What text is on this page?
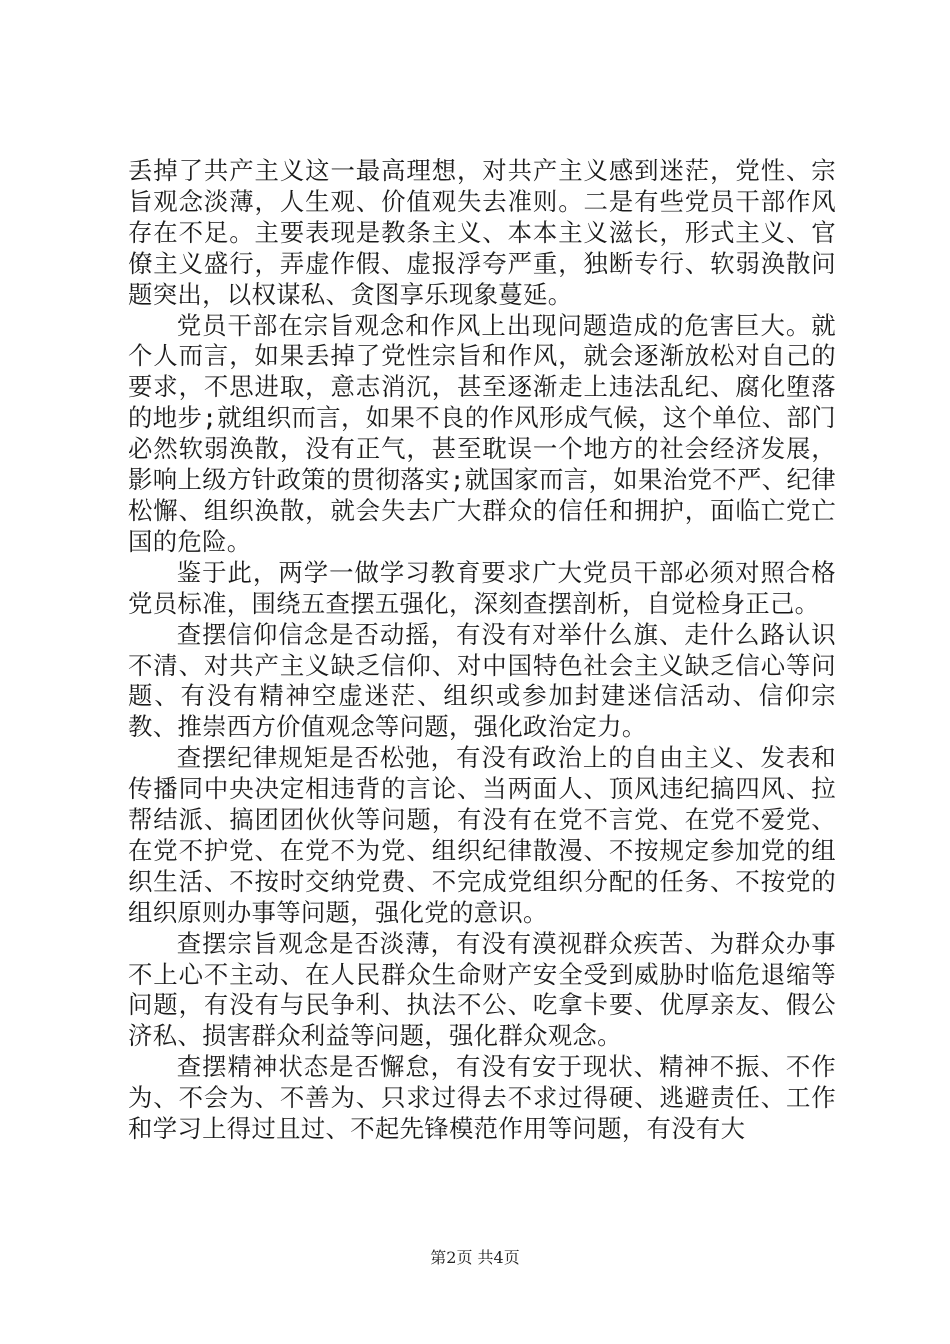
丢掉了共产主义这一最高理想，对共产主义感到迷茫，党性、宗旨观念淡薄，人生观、价值观失去准则。二是有些党员干部作风存在不足。主要表现是教条主义、本本主义滋长，形式主义、官僚主义盛行，弄虚作假、虚报浮夸严重，独断专行、软弱涣散问题突出，以权谋私、贪图享乐现象蔓延。

党员干部在宗旨观念和作风上出现问题造成的危害巨大。就个人而言，如果丢掉了党性宗旨和作风，就会逐渐放松对自己的要求，不思进取，意志消沉，甚至逐渐走上违法乱纪、腐化堕落的地步;就组织而言，如果不良的作风形成气候，这个单位、部门必然软弱涣散，没有正气，甚至耽误一个地方的社会经济发展，影响上级方针政策的贯彻落实;就国家而言，如果治党不严、纪律松懈、组织涣散，就会失去广大群众的信任和拥护，面临亡党亡国的危险。

鉴于此，两学一做学习教育要求广大党员干部必须对照合格党员标准，围绕五查摆五强化，深刻查摆剖析，自觉检身正己。

查摆信仰信念是否动摇，有没有对举什么旗、走什么路认识不清、对共产主义缺乏信仰、对中国特色社会主义缺乏信心等问题、有没有精神空虚迷茫、组织或参加封建迷信活动、信仰宗教、推崇西方价值观念等问题，强化政治定力。

查摆纪律规矩是否松弛，有没有政治上的自由主义、发表和传播同中央决定相违背的言论、当两面人、顶风违纪搞四风、拉帮结派、搞团团伙伙等问题，有没有在党不言党、在党不爱党、在党不护党、在党不为党、组织纪律散漫、不按规定参加党的组织生活、不按时交纳党费、不完成党组织分配的任务、不按党的组织原则办事等问题，强化党的意识。

查摆宗旨观念是否淡薄，有没有漠视群众疾苦、为群众办事不上心不主动、在人民群众生命财产安全受到威胁时临危退缩等问题，有没有与民争利、执法不公、吃拿卡要、优厚亲友、假公济私、损害群众利益等问题，强化群众观念。

查摆精神状态是否懈怠，有没有安于现状、精神不振、不作为、不会为、不善为、只求过得去不求过得硬、逃避责任、工作和学习上得过且过、不起先锋模范作用等问题，有没有大

第2页 共4页
